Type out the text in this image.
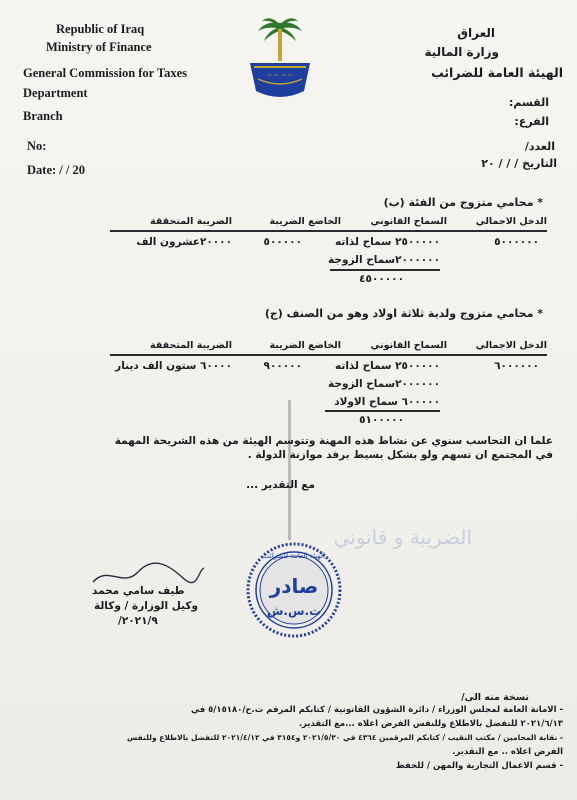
Republic of Iraq
Ministry of Finance
General Commission for Taxes
Department
Branch
No:
Date: / / 20
~ ~ ~ ~
العراق
وزارة المالية
الهيئة العامة للضرائب
القسم:
الفرع:
العدد/
التاريخ / / / ٢٠
* محامي متزوج من الفئة (ب)
الدخل الاجمالي
السماح القانوني
الخاضع الضريبة
الضريبة المتحققة
٥٠٠٠٠٠٠
٢٥٠٠٠٠٠ سماح لذاته
٥٠٠٠٠٠
٢٠٠٠٠عشرون الف
٢٠٠٠٠٠٠سماح الزوجة
٤٥٠٠٠٠٠
* محامي متزوج ولدية ثلاثة اولاد وهو من الصنف (ج)
الدخل الاجمالي
السماح القانوني
الخاضع الضريبة
الضريبة المتحققة
٦٠٠٠٠٠٠
٢٥٠٠٠٠٠ سماح لذاته
٩٠٠٠٠٠
٦٠٠٠٠ ستون الف دينار
٢٠٠٠٠٠٠سماح الزوجة
٦٠٠٠٠٠ سماح الاولاد
٥١٠٠٠٠٠
علما ان التحاسب سنوي عن نشاط هذه المهنة وتتوسم الهيئة من هذه الشريحة المهمة
في المجتمع ان تسهم ولو بشكل بسيط برفد موازنة الدولة .
مع التقدير ...
الضريبة و قانوني
الهيئة العامة للضرائب
صادر
ت.س.ش
طيف سامي محمد
وكيل الوزارة / وكالة
٢٠٢١/٩/
نسخة منه الى/
- الامانة العامة لمجلس الوزراء / دائرة الشؤون القانونية / كتابكم المرقم ت.ح/٥/١٥١٨٠ في
٢٠٢١/٦/١٣ للتفضل بالاطلاع وللنفس الفرض اعلاه ...مع التقدير.
- نقابة المحامين / مكتب النقيب / كتابكم المرقمين ٤٣٦٤ في ٢٠٢١/٥/٣٠ و٣١٥٤ في ٢٠٢١/٤/١٢ للتفضل بالاطلاع وللنفس
الفرض اعلاه .. مع التقدير.
- قسم الاعمال التجارية والمهن / للحفظ
